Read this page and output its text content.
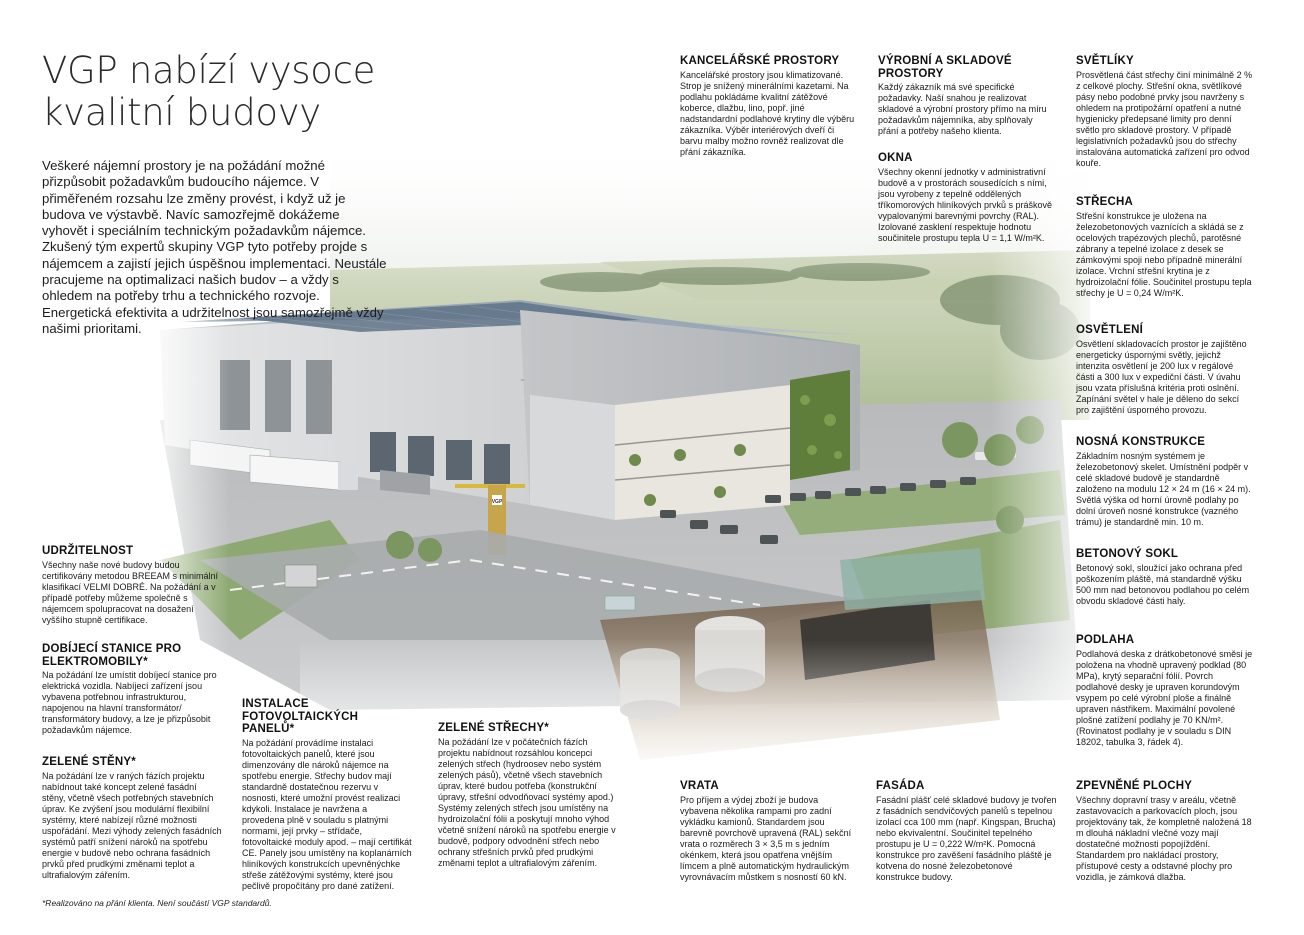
VGP
VGP nabízí vysoce kvalitní budovy

Veškeré nájemní prostory je na požádání možné přizpůsobit požadavkům budoucího nájemce. V přiměřeném rozsahu lze změny provést, i když už je budova ve výstavbě. Navíc samozřejmě dokážeme vyhovět i speciálním technickým požadavkům nájemce. Zkušený tým expertů skupiny VGP tyto potřeby projde s nájemcem a zajistí jejich úspěšnou implementaci. Neustále pracujeme na optimalizaci našich budov – a vždy s ohledem na potřeby trhu a technického rozvoje. Energetická efektivita a udržitelnost jsou samozřejmě vždy našimi prioritami.

KANCELÁŘSKÉ PROSTORY

Kancelářské prostory jsou klimatizované. Strop je snížený minerálními kazetami. Na podlahu pokládáme kvalitní zátěžové koberce, dlažbu, lino, popř. jiné nadstandardní podlahové krytiny dle výběru zákazníka. Výběr interiérových dveří či barvu malby možno rovněž realizovat dle přání zákazníka.

VÝROBNÍ A SKLADOVÉ PROSTORY

Každý zákazník má své specifické požadavky. Naší snahou je realizovat skladové a výrobní prostory přímo na míru požadavkům nájemníka, aby splňovaly přání a potřeby našeho klienta.

OKNA

Všechny okenní jednotky v administrativní budově a v prostorách sousedících s ními, jsou vyrobeny z tepelně oddělených tříkomorových hliníkových prvků s práškově vypalovanými barevnými povrchy (RAL). Izolované zasklení respektuje hodnotu součinitele prostupu tepla U = 1,1 W/m²K.

SVĚTLÍKY

Prosvětlená část střechy činí minimálně 2 % z celkové plochy. Střešní okna, světlíkové pásy nebo podobné prvky jsou navrženy s ohledem na protipožární opatření a nutné hygienicky předepsané limity pro denní světlo pro skladové prostory. V případě legislativních požadavků jsou do střechy instalována automatická zařízení pro odvod kouře.

STŘECHA

Střešní konstrukce je uložena na železobetonových vaznících a skládá se z ocelových trapézových plechů, parotěsné zábrany a tepelné izolace z desek se zámkovými spoji nebo případně minerální izolace. Vrchní střešní krytina je z hydroizolační fólie. Součinitel prostupu tepla střechy je U = 0,24 W/m²K.

OSVĚTLENÍ

Osvětlení skladovacích prostor je zajištěno energeticky úspornými světly, jejichž intenzita osvětlení je 200 lux v regálové části a 300 lux v expediční části. V úvahu jsou vzata příslušná kritéria proti oslnění. Zapínání světel v hale je děleno do sekcí pro zajištění úsporného provozu.

NOSNÁ KONSTRUKCE

Základním nosným systémem je železobetonový skelet. Umístnění podpěr v celé skladové budově je standardně založeno na modulu 12 × 24 m (16 × 24 m). Světlá výška od horní úrovně podlahy po dolní úroveň nosné konstrukce (vazného trámu) je standardně min. 10 m.

BETONOVÝ SOKL

Betonový sokl, sloužící jako ochrana před poškozením pláště, má standardně výšku 500 mm nad betonovou podlahou po celém obvodu skladové části haly.

PODLAHA

Podlahová deska z drátkobetonové směsi je položena na vhodně upravený podklad (80 MPa), krytý separační fólií. Povrch podlahové desky je upraven korundovým vsypem po celé výrobní ploše a finálně upraven nástřikem. Maximální povolené plošné zatížení podlahy je 70 KN/m². (Rovinatost podlahy je v souladu s DIN 18202, tabulka 3, řádek 4).

ZPEVNĚNÉ PLOCHY

Všechny dopravní trasy v areálu, včetně zastavovacích a parkovacích ploch, jsou projektovány tak, že kompletně naložená 18 m dlouhá nákladní vlečné vozy mají dostatečné možnosti popojíždění. Standardem pro nakládací prostory, přístupové cesty a odstavné plochy pro vozidla, je zámková dlažba.

FASÁDA

Fasádní plášť celé skladové budovy je tvořen z fasádních sendvičových panelů s tepelnou izolací cca 100 mm (např. Kingspan, Brucha) nebo ekvivalentní. Součinitel tepelného prostupu je U = 0,222 W/m²K. Pomocná konstrukce pro zavěšení fasádního pláště je kotvena do nosné železobetonové konstrukce budovy.

VRATA

Pro příjem a výdej zboží je budova vybavena několika rampami pro zadní vykládku kamionů. Standardem jsou barevně povrchově upravená (RAL) sekční vrata o rozměrech 3 × 3,5 m s jedním okénkem, která jsou opatřena vnějším límcem a plně automatickým hydraulickým vyrovnávacím můstkem s nosností 60 kN.

ZELENÉ STŘECHY*

Na požádání lze v počátečních fázích projektu nabídnout rozsáhlou koncepci zelených střech (hydroosev nebo systém zelených pásů), včetně všech stavebních úprav, které budou potřeba (konstrukční úpravy, střešní odvodňovací systémy apod.) Systémy zelených střech jsou umístěny na hydroizolační fólii a poskytují mnoho výhod včetně snížení nároků na spotřebu energie v budově, podpory odvodnění střech nebo ochrany střešních prvků před prudkými změnami teplot a ultrafialovým zářením.

INSTALACE FOTOVOLTAICKÝCH PANELŮ*

Na požádání provádíme instalaci fotovoltaických panelů, které jsou dimenzovány dle nároků nájemce na spotřebu energie. Střechy budov mají standardně dostatečnou rezervu v nosnosti, které umožní provést realizaci kdykoli. Instalace je navržena a provedena plně v souladu s platnými normami, její prvky – střídače, fotovoltaické moduly apod. – mají certifikát CE. Panely jsou umístěny na koplanárních hliníkových konstrukcích upevněnýchke střeše zátěžovými systémy, které jsou pečlivě propočítány pro dané zatížení.

UDRŽITELNOST

Všechny naše nové budovy budou certifikovány metodou BREEAM s minimální klasifikací VELMI DOBRÉ. Na požádání a v případě potřeby můžeme společně s nájemcem spolupracovat na dosažení vyššího stupně certifikace.

DOBÍJECÍ STANICE PRO ELEKTROMOBILY*

Na požádání lze umístit dobíjecí stanice pro elektrická vozidla. Nabíjecí zařízení jsou vybavena potřebnou infrastrukturou, napojenou na hlavní transformátor/ transformátory budovy, a lze je přizpůsobit požadavkům nájemce.

ZELENÉ STĚNY*

Na požádání lze v raných fázích projektu nabídnout také koncept zelené fasádní stěny, včetně všech potřebných stavebních úprav. Ke zvýšení jsou modulární flexibilní systémy, které nabízejí různé možnosti uspořádání. Mezi výhody zelených fasádních systémů patří snížení nároků na spotřebu energie v budově nebo ochrana fasádních prvků před prudkými změnami teplot a ultrafialovým zářením.

*Realizováno na přání klienta. Není součástí VGP standardů.
